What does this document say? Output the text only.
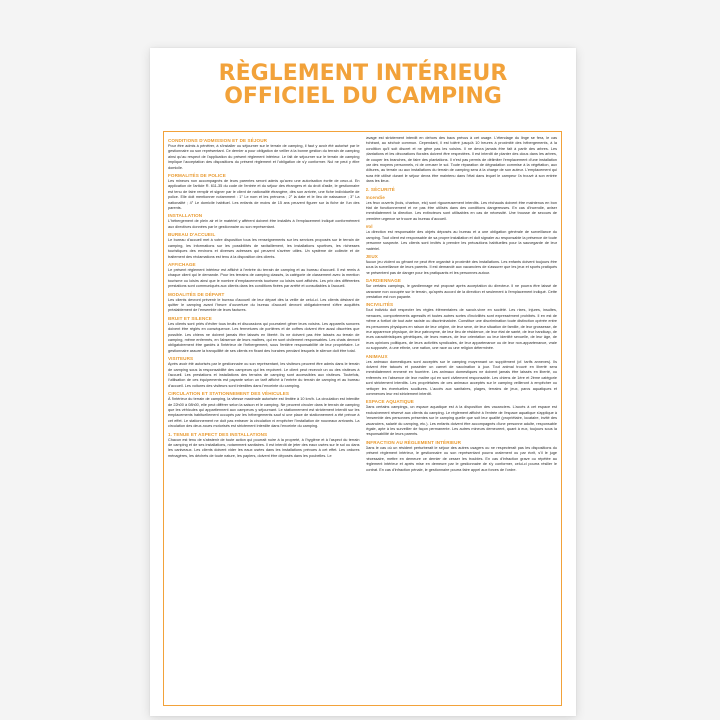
RÈGLEMENT INTÉRIEUR
OFFICIEL DU CAMPING
CONDITIONS D'ADMISSION ET DE SÉJOUR

Pour être admis à pénétrer, à s'installer ou séjourner sur le terrain de camping, il faut y avoir été autorisé par le gestionnaire ou son représentant. Ce dernier a pour obligation de veiller à la bonne gestion du terrain de camping ainsi qu'au respect de l'application du présent règlement intérieur. Le fait de séjourner sur le terrain de camping implique l'acceptation des dispositions du présent règlement et l'obligation de s'y conformer. Nul ne peut y élire domicile.

FORMALITÉS DE POLICE

Les mineurs non accompagnés de leurs parentes seront admis qu'avec une autorisation écrite de ceux-ci. En application de l'article R. 611-35 du code de l'entrée et du séjour des étrangers et du droit d'asile, le gestionnaire est tenu de faire remplir et signer par le client de nationalité étrangère, dès son arrivée, une fiche individuelle de police. Elle doit mentionner notamment : 1° Le nom et les prénoms ; 2° la date et le lieu de naissance ; 3° La nationalité ; 4° Le domicile habituel. Les enfants de moins de 15 ans peuvent figurer sur la fiche de l'un des parents.

INSTALLATION

L'hébergement de plein air et le matériel y afférent doivent être installés à l'emplacement indiqué conformément aux directives données par le gestionnaire ou son représentant.

BUREAU D'ACCUEIL

Le bureau d'accueil met à votre disposition tous les renseignements sur les services proposés sur le terrain de camping, les informations sur les possibilités de ravitaillement, les installations sportives, les richesses touristiques des environs et diverses adresses qui peuvent s'avérer utiles. Un système de collecte et de traitement des réclamations est tenu à la disposition des clients.

AFFICHAGE

Le présent règlement intérieur est affiché à l'entrée du terrain de camping et au bureau d'accueil. Il est remis à chaque client qui le demande. Pour les terrains de camping classés, la catégorie de classement avec la mention tourisme ou loisirs ainsi que le nombre d'emplacements tourisme ou loisirs sont affichés. Les prix des différentes prestations sont communiqués aux clients dans les conditions fixées par arrêté et consultables à l'accueil.

MODALITÉS DE DÉPART

Les clients devront prévenir le bureau d'accueil de leur départ dès la veille de celui-ci. Les clients désirant de quitter le camping avant l'heure d'ouverture du bureau d'accueil devront obligatoirement s'être acquittés préalablement de l'ensemble de leurs factures.

BRUIT ET SILENCE

Les clients sont priés d'éviter tous bruits et discussions qui pourraient gêner leurs voisins. Les appareils sonores doivent être réglés en conséquence. Les fermetures de portières et de coffres doivent être aussi discrètes que possible. Les chiens ne doivent jamais être laissés en liberté. Ils ne doivent pas être laissés au terrain de camping, même enfermés, en l'absence de leurs maîtres, qui en sont civilement responsables. Les chats devront obligatoirement être gardés à l'intérieur de l'hébergement, sous l'entière responsabilité de leur propriétaire. Le gestionnaire assure la tranquillité de ses clients en fixant des horaires pendant lesquels le silence doit être total.

VISITEURS

Après avoir été autorisés par le gestionnaire ou son représentant, les visiteurs peuvent être admis dans le terrain de camping sous la responsabilité des campeurs qui les reçoivent. Le client peut recevoir un ou des visiteurs à l'accueil. Les prestations et installations des terrains de camping sont accessibles aux visiteurs. Toutefois, l'utilisation de ces équipements est payante selon un tarif affiché à l'entrée du terrain de camping et au bureau d'accueil. Les voitures des visiteurs sont interdites dans l'enceinte du camping.

CIRCULATION ET STATIONNEMENT DES VÉHICULES

À l'intérieur du terrain de camping, la vitesse maximale autorisée est limitée à 10 km/h. La circulation est interdite de 22h00 à 08h00, elle peut différer selon la saison et le camping. Ne peuvent circuler dans le terrain de camping que les véhicules qui appartiennent aux campeurs y séjournant. Le stationnement est strictement interdit sur les emplacements habituellement occupés par les hébergements sauf si une place de stationnement a été prévue à cet effet. Le stationnement ne doit pas entraver la circulation ni empêcher l'installation de nouveaux arrivants. La circulation des deux-roues motorisés est strictement interdite dans l'enceinte du camping.

1. TENUE ET ASPECT DES INSTALLATIONS

Chacun est tenu de s'abstenir de toute action qui pourrait nuire à la propreté, à l'hygiène et à l'aspect du terrain de camping et de ses installations, notamment sanitaires. Il est interdit de jeter des eaux usées sur le sol ou dans les caniveaux. Les clients doivent vider les eaux usées dans les installations prévues à cet effet. Les ordures ménagères, les déchets de toute nature, les papiers, doivent être déposés dans les poubelles. Le

lavage est strictement interdit en dehors des bacs prévus à cet usage. L'étendage du linge se fera, le cas échéant, au séchoir commun. Cependant, il est toléré jusqu'à 10 heures à proximité des hébergements, à la condition qu'il soit discret et ne gêne pas les voisins. Il ne devra jamais être fait à partir des arbres. Les plantations et les décorations florales doivent être respectées. Il est interdit de planter des clous dans les arbres, de couper les branches, de faire des plantations. Il n'est pas permis de délimiter l'emplacement d'une installation par des moyens personnels, ni de creuser le sol. Toute réparation de dégradation commise à la végétation, aux clôtures, au terrain ou aux installations du terrain de camping sera à la charge de son auteur. L'emplacement qui aura été utilisé durant le séjour devra être maintenu dans l'état dans lequel le campeur l'a trouvé à son entrée dans les lieux.

2. SÉCURITÉ
Incendie

Les feux ouverts (bois, charbon, etc) sont rigoureusement interdits. Les réchauds doivent être maintenus en bon état de fonctionnement et ne pas être utilisés dans des conditions dangereuses. En cas d'incendie, aviser immédiatement la direction. Les extincteurs sont utilisables en cas de nécessité. Une trousse de secours de première urgence se trouve au bureau d'accueil.

Vol

La direction est responsable des objets déposés au bureau et a une obligation générale de surveillance du camping. Tout client est responsable de sa propre installation et doit signaler au responsable la présence de toute personne suspecte. Les clients sont invités à prendre les précautions habituelles pour la sauvegarde de leur matériel.

JEUX

Aucun jeu violent ou gênant ne peut être organisé à proximité des installations. Les enfants doivent toujours être sous la surveillance de leurs parents. Il est demandé aux vacanciers de s'assurer que les jeux et sports pratiqués ne présentent pas de danger pour les pratiquants et les personnes autour.

GARDIENNAGE

Sur certains campings, le gardiennage est proposé après acceptation du directeur. Il ne pourra être laissé de caravane non occupée sur le terrain, qu'après accord de la direction et seulement à l'emplacement indiqué. Cette prestation est non payante.

INCIVILITÉS

Tout individu doit respecter les règles élémentaires de savoir-vivre en société. Les rixes, injures, insultes, menaces, comportements agressifs et toutes autres sortes d'incivilités sont expressément prohibés. Il en est de même a fortiori de tout acte raciste ou discriminatoire. Constitue une discrimination toute distinction opérée entre les personnes physiques en raison de leur origine, de leur sexe, de leur situation de famille, de leur grossesse, de leur apparence physique, de leur patronyme, de leur lieu de résidence, de leur état de santé, de leur handicap, de leurs caractéristiques génétiques, de leurs mœurs, de leur orientation ou leur identité sexuelle, de leur âge, de leurs opinions politiques, de leurs activités syndicales, de leur appartenance ou de leur non-appartenance, vraie ou supposée, à une ethnie, une nation, une race ou une religion déterminée.

ANIMAUX

Les animaux domestiques sont acceptés sur le camping moyennant un supplément (cf. tarifs annexes). Ils doivent être tatoués et posséder un carnet de vaccination à jour. Tout animal trouvé en liberté sera immédiatement enmené en fourrière. Les animaux domestiques ne doivent jamais être laissés en liberté, ou enfermés en l'absence de leur maître qui en sont civilement responsable. Les chiens de 1ère et 2ème catégorie sont strictement interdits. Les propriétaires de ces animaux acceptés sur le camping veilleront à empêcher ou nettoyer les éventuelles souillures. L'accès aux sanitaires, plages, terrains de jeux, parcs aquatiques et commerces leur est strictement interdit.

ESPACE AQUATIQUE

Dans certains campings, un espace aquatique est à la disposition des vacanciers. L'accès à cet espace est exclusivement réservé aux clients du camping. Le règlement affiché à l'entrée de l'espace aquatique s'applique à l'ensemble des personnes présentes sur le camping quelle que soit leur qualité (propriétaire, locataire, invité des vacanciers, salarié du camping, etc.). Les enfants doivent être accompagnés d'une personne adulte, responsable légale, apte à les surveiller de façon permanente. Les autres mineurs demeurent, quant à eux, toujours sous la responsabilité de leurs parents.

INFRACTION AU RÈGLEMENT INTÉRIEUR

Dans le cas où un résident perturberait le séjour des autres usagers ou ne respecterait pas les dispositions du présent règlement intérieur, le gestionnaire ou son représentant pourra oralement ou par écrit, s'il le juge nécessaire, mettre en demeure ce dernier de cesser les troubles. En cas d'infraction grave ou répétée au règlement intérieur et après mise en demeure par le gestionnaire de s'y conformer, celui-ci pourra résilier le contrat. En cas d'infraction pénale, le gestionnaire pourra faire appel aux forces de l'ordre.
